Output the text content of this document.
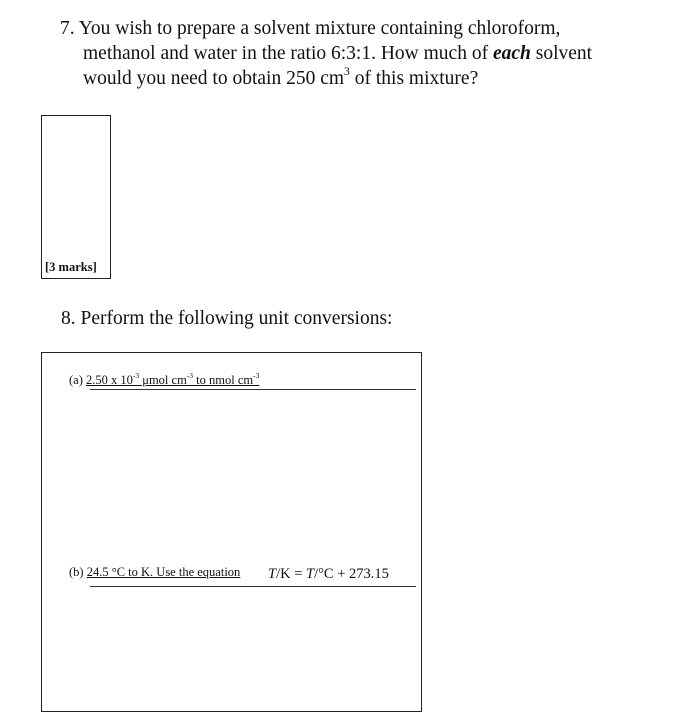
7. You wish to prepare a solvent mixture containing chloroform,
methanol and water in the ratio 6:3:1. How much of each solvent
would you need to obtain 250 $cm^3$ of this mixture?
[3 marks]
8. Perform the following unit conversions:
(a) 2.50 x $10^{-3}$ μmol $cm^{-3}$ to nmol $cm^{-3}$
(b) 24.5 °C to K. Use the equation T/K = T/°C + 273.15
